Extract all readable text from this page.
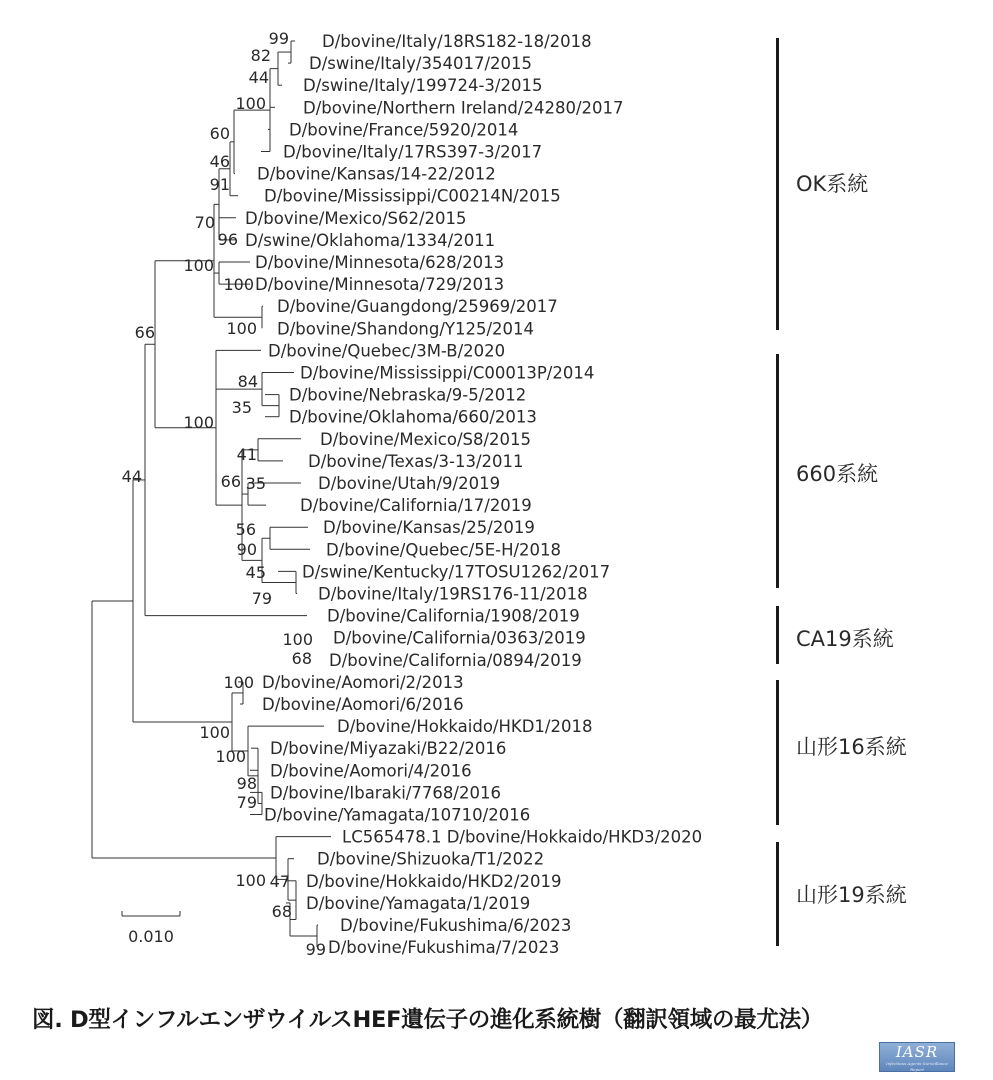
D/bovine/Italy/18RS182-18/2018
D/swine/Italy/354017/2015
D/swine/Italy/199724-3/2015
D/bovine/Northern Ireland/24280/2017
D/bovine/France/5920/2014
D/bovine/Italy/17RS397-3/2017
D/bovine/Kansas/14-22/2012
D/bovine/Mississippi/C00214N/2015
D/bovine/Mexico/S62/2015
D/swine/Oklahoma/1334/2011
D/bovine/Minnesota/628/2013
D/bovine/Minnesota/729/2013
D/bovine/Guangdong/25969/2017
D/bovine/Shandong/Y125/2014
D/bovine/Quebec/3M-B/2020
D/bovine/Mississippi/C00013P/2014
D/bovine/Nebraska/9-5/2012
D/bovine/Oklahoma/660/2013
D/bovine/Mexico/S8/2015
D/bovine/Texas/3-13/2011
D/bovine/Utah/9/2019
D/bovine/California/17/2019
D/bovine/Kansas/25/2019
D/bovine/Quebec/5E-H/2018
D/swine/Kentucky/17TOSU1262/2017
D/bovine/Italy/19RS176-11/2018
D/bovine/California/1908/2019
D/bovine/California/0363/2019
D/bovine/California/0894/2019
D/bovine/Aomori/2/2013
D/bovine/Aomori/6/2016
D/bovine/Hokkaido/HKD1/2018
D/bovine/Miyazaki/B22/2016
D/bovine/Aomori/4/2016
D/bovine/Ibaraki/7768/2016
D/bovine/Yamagata/10710/2016
LC565478.1 D/bovine/Hokkaido/HKD3/2020
D/bovine/Shizuoka/T1/2022
D/bovine/Hokkaido/HKD2/2019
D/bovine/Yamagata/1/2019
D/bovine/Fukushima/6/2023
D/bovine/Fukushima/7/2023
99
82
44
100
60
46
91
70
96
100
100
100
66
84
35
100
41
66 35
56
90
45
79
44
100
68
100
100
100
98
79
100 47
68
99
OK系統
660系統
CA19系統
山形16系統
山形19系統
0.010
図. D型インフルエンザウイルスHEF遺伝子の進化系統樹（翻訳領域の最尤法）
IASR
Infectious Agents Surveillance Report
